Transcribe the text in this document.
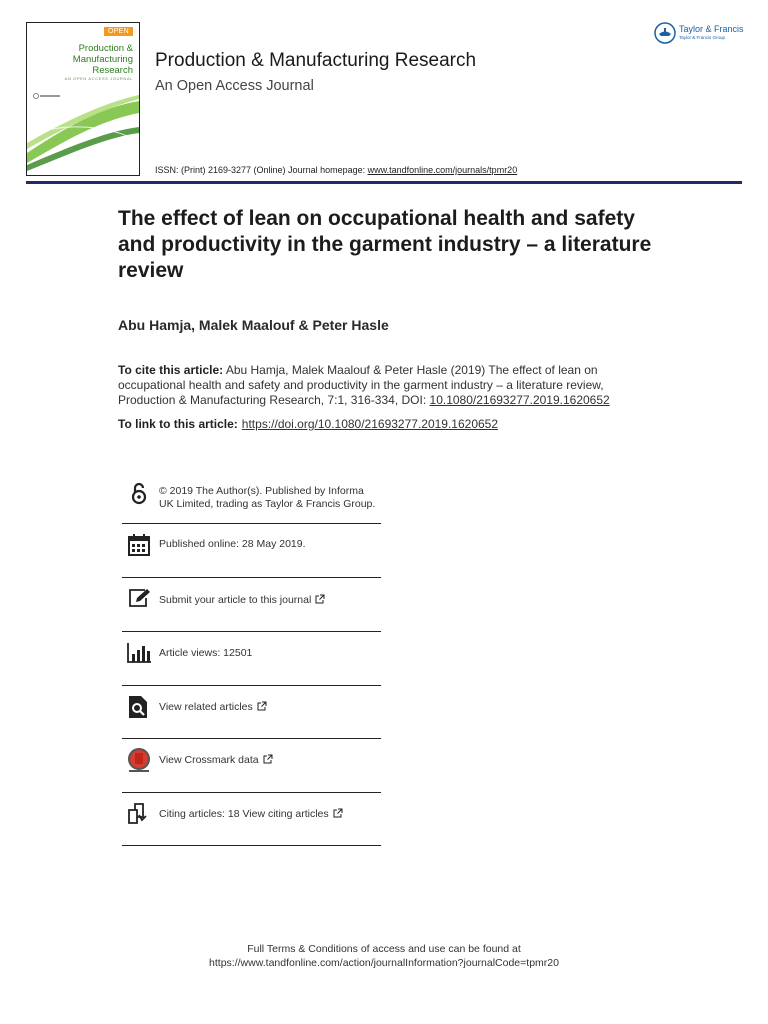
OPEN
Production &
Manufacturing
Research
AN OPEN ACCESS JOURNAL
Production & Manufacturing Research
An Open Access Journal
ISSN: (Print) 2169-3277 (Online) Journal homepage: www.tandfonline.com/journals/tpmr20
Taylor & Francis
Taylor & Francis Group
The effect of lean on occupational health and safety and productivity in the garment industry – a literature review
Abu Hamja, Malek Maalouf & Peter Hasle
To cite this article: Abu Hamja, Malek Maalouf & Peter Hasle (2019) The effect of lean on occupational health and safety and productivity in the garment industry – a literature review, Production & Manufacturing Research, 7:1, 316-334, DOI: 10.1080/21693277.2019.1620652
To link to this article: https://doi.org/10.1080/21693277.2019.1620652
© 2019 The Author(s). Published by Informa UK Limited, trading as Taylor & Francis Group.
Published online: 28 May 2019.
Submit your article to this journal
Article views: 12501
View related articles
View Crossmark data
Citing articles: 18 View citing articles
Full Terms & Conditions of access and use can be found at
https://www.tandfonline.com/action/journalInformation?journalCode=tpmr20
